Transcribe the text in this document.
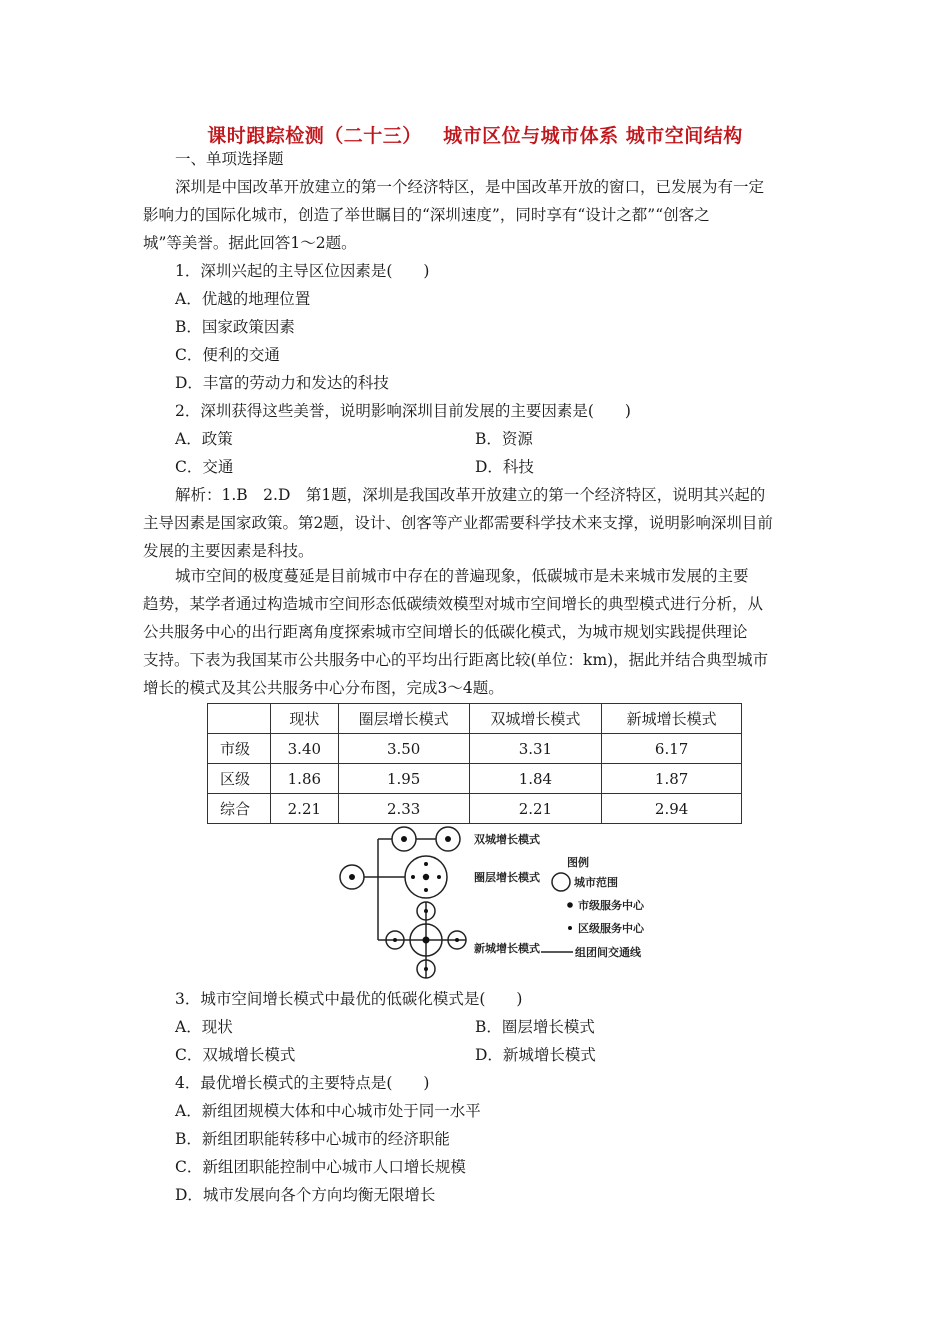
课时跟踪检测（二十三）   城市区位与城市体系 城市空间结构
一、单项选择题
深圳是中国改革开放建立的第一个经济特区，是中国改革开放的窗口，已发展为有一定
影响力的国际化城市，创造了举世瞩目的“深圳速度”，同时享有“设计之都”“创客之
城”等美誉。据此回答1～2题。
1．深圳兴起的主导区位因素是(　　)
A．优越的地理位置
B．国家政策因素
C．便利的交通
D．丰富的劳动力和发达的科技
2．深圳获得这些美誉，说明影响深圳目前发展的主要因素是(　　)
A．政策	B．资源
C．交通	D．科技
解析：1.B　2.D　第1题，深圳是我国改革开放建立的第一个经济特区，说明其兴起的
主导因素是国家政策。第2题，设计、创客等产业都需要科学技术来支撑，说明影响深圳目前
发展的主要因素是科技。
城市空间的极度蔓延是目前城市中存在的普遍现象，低碳城市是未来城市发展的主要
趋势，某学者通过构造城市空间形态低碳绩效模型对城市空间增长的典型模式进行分析，从
公共服务中心的出行距离角度探索城市空间增长的低碳化模式，为城市规划实践提供理论
支持。下表为我国某市公共服务中心的平均出行距离比较(单位：km)，据此并结合典型城市
增长的模式及其公共服务中心分布图，完成3～4题。
	现状	圈层增长模式	双城增长模式	新城增长模式
市级	3.40	3.50	3.31	6.17
区级	1.86	1.95	1.84	1.87
综合	2.21	2.33	2.21	2.94
双城增长模式
圈层增长模式
新城增长模式
图例
城市范围
市级服务中心
区级服务中心
组团间交通线
3．城市空间增长模式中最优的低碳化模式是(　　)
A．现状	B．圈层增长模式
C．双城增长模式	D．新城增长模式
4．最优增长模式的主要特点是(　　)
A．新组团规模大体和中心城市处于同一水平
B．新组团职能转移中心城市的经济职能
C．新组团职能控制中心城市人口增长规模
D．城市发展向各个方向均衡无限增长
